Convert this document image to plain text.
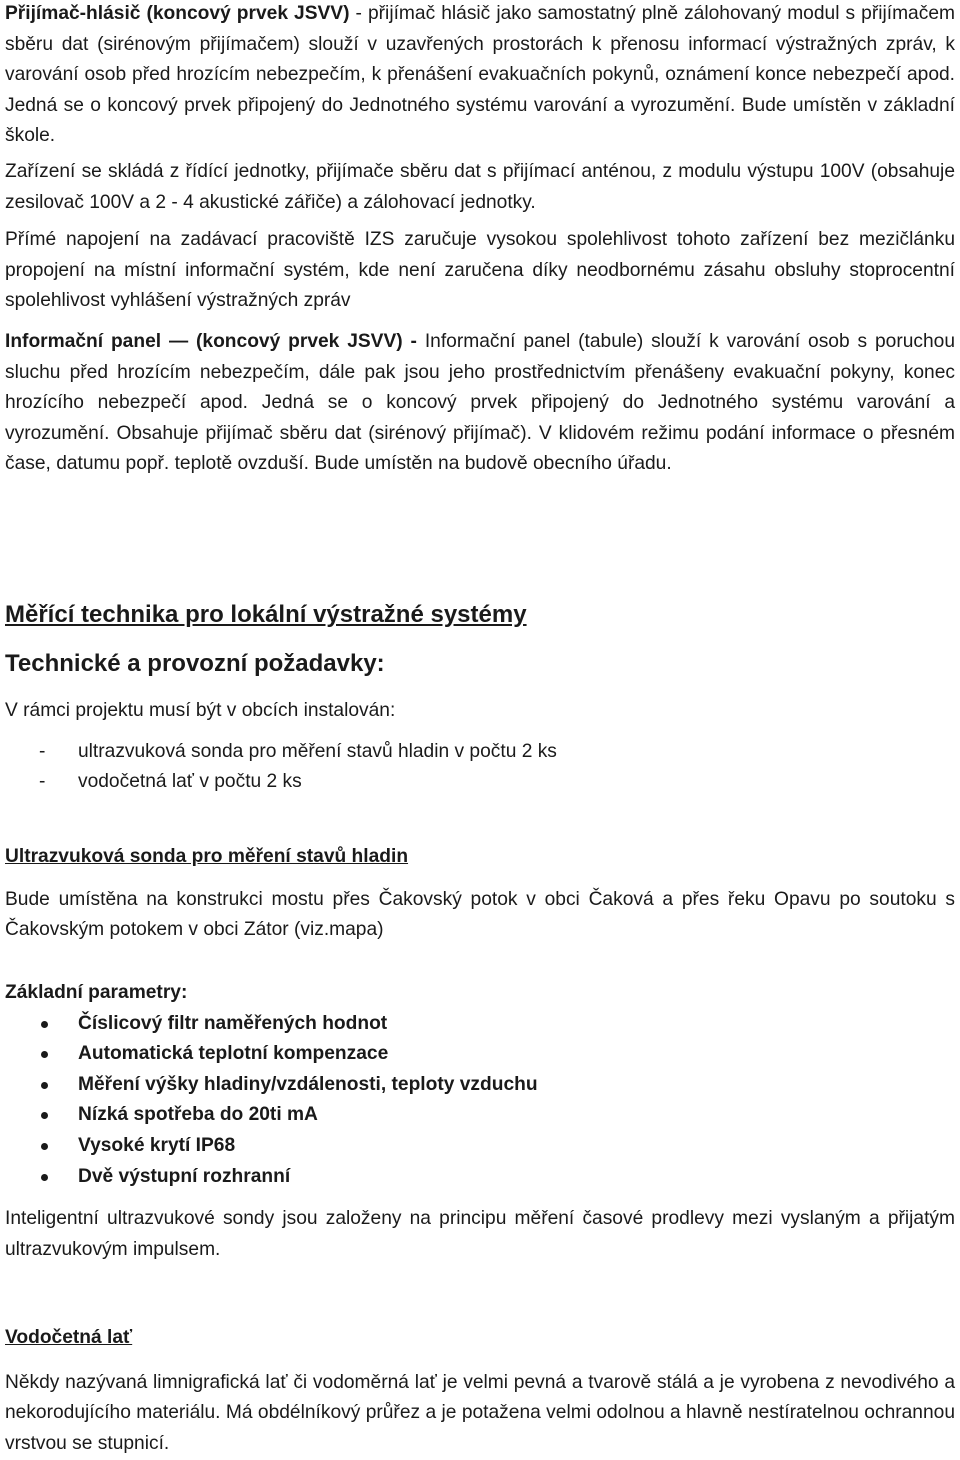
Přijímač-hlásič (koncový prvek JSVV) - přijímač hlásič jako samostatný plně zálohovaný modul s přijímačem sběru dat (sirénovým přijímačem) slouží v uzavřených prostorách k přenosu informací výstražných zpráv, k varování osob před hrozícím nebezpečím, k přenášení evakuačních pokynů, oznámení konce nebezpečí apod. Jedná se o koncový prvek připojený do Jednotného systému varování a vyrozumění. Bude umístěn v základní škole.

Zařízení se skládá z řídící jednotky, přijímače sběru dat s přijímací anténou, z modulu výstupu 100V (obsahuje zesilovač 100V a 2 - 4 akustické zářiče) a zálohovací jednotky.

Přímé napojení na zadávací pracoviště IZS zaručuje vysokou spolehlivost tohoto zařízení bez mezičlánku propojení na místní informační systém, kde není zaručena díky neodbornému zásahu obsluhy stoprocentní spolehlivost vyhlášení výstražných zpráv

Informační panel — (koncový prvek JSVV) - Informační panel (tabule) slouží k varování osob s poruchou sluchu před hrozícím nebezpečím, dále pak jsou jeho prostřednictvím přenášeny evakuační pokyny, konec hrozícího nebezpečí apod. Jedná se o koncový prvek připojený do Jednotného systému varování a vyrozumění. Obsahuje přijímač sběru dat (sirénový přijímač). V klidovém režimu podání informace o přesném čase, datumu popř. teplotě ovzduší. Bude umístěn na budově obecního úřadu.

Měřící technika pro lokální výstražné systémy
Technické a provozní požadavky:

V rámci projektu musí být v obcích instalován:

- ultrazvuková sonda pro měření stavů hladin v počtu 2 ks
- vodočetná lať v počtu 2 ks

Ultrazvuková sonda pro měření stavů hladin

Bude umístěna na konstrukci mostu přes Čakovský potok v obci Čaková a přes řeku Opavu po soutoku s Čakovským potokem v obci Zátor (viz.mapa)

Základní parametry:

Číslicový filtr naměřených hodnot
Automatická teplotní kompenzace
Měření výšky hladiny/vzdálenosti, teploty vzduchu
Nízká spotřeba do 20ti mA
Vysoké krytí IP68
Dvě výstupní rozhranní

Inteligentní ultrazvukové sondy jsou založeny na principu měření časové prodlevy mezi vyslaným a přijatým ultrazvukovým impulsem.

Vodočetná lať

Někdy nazývaná limnigrafická lať či vodoměrná lať je velmi pevná a tvarově stálá a je vyrobena z nevodivého a nekorodujícího materiálu. Má obdélníkový průřez a je potažena velmi odolnou a hlavně nestíratelnou ochrannou vrstvou se stupnicí.
